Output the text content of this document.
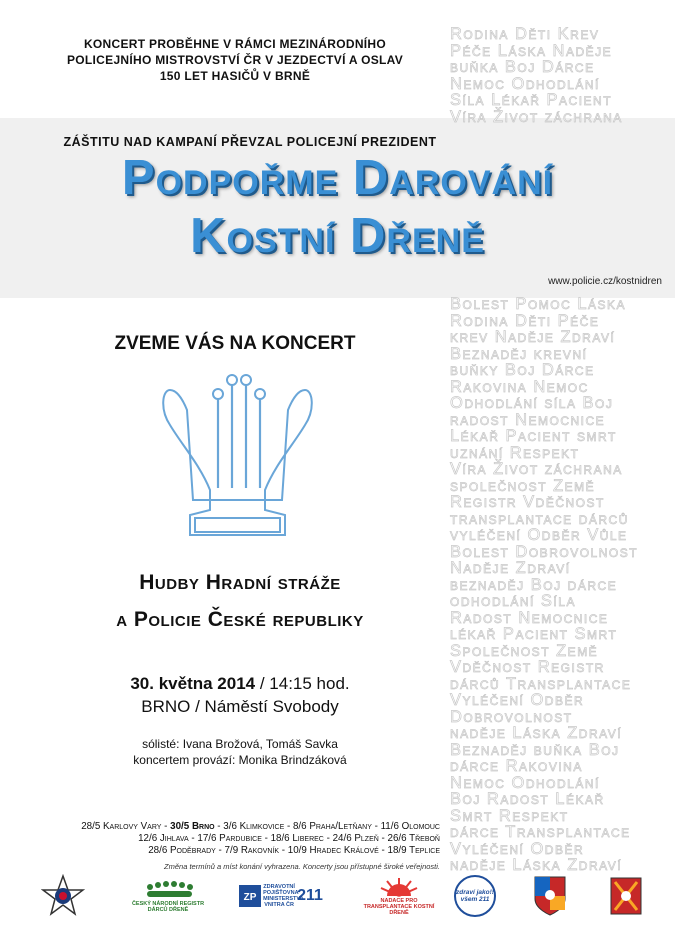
KONCERT PROBĚHNE V RÁMCI MEZINÁRODNÍHO
POLICEJNÍHO MISTROVSTVÍ ČR V JEZDECTVÍ A OSLAV
150 LET HASIČŮ V BRNĚ
Rodina Děti Krev
Péče Láska Naděje
buňka Boj Dárce
Nemoc Odhodlání
Síla Lékař Pacient
Víra Život záchrana
ZÁŠTITU NAD KAMPANÍ PŘEVZAL POLICEJNÍ PREZIDENT
Podpořme Darování
Kostní Dřeně
www.policie.cz/kostnidren
Bolest Pomoc Láska
Rodina Děti Péče
krev Naděje Zdraví
Beznaděj krevní
buňky Boj Dárce
Rakovina Nemoc
Odhodlání síla Boj
radost Nemocnice
Lékař Pacient smrt
uznání Respekt
Víra Život záchrana
společnost Země
Registr Vděčnost
transplantace dárců
vyléčení Odběr Vůle
Bolest Dobrovolnost
Naděje Zdraví
beznaděj Boj dárce
odhodlání Síla
Radost Nemocnice
lékař Pacient Smrt
Společnost Země
Vděčnost Registr
dárců Transplantace
Vyléčení Odběr
Dobrovolnost
naděje Láska Zdraví
Beznaděj buňka Boj
dárce Rakovina
Nemoc Odhodlání
Boj Radost Lékař
Smrt Respekt
dárce Transplantace
Vyléčení Odběr
naděje Láska Zdraví
ZVEME VÁS NA KONCERT
Hudby Hradní stráže
a Policie České republiky
30. května 2014 / 14:15 hod.
BRNO / Náměstí Svobody
sólisté: Ivana Brožová, Tomáš Savka
koncertem provází: Monika Brindzáková
28/5 Karlovy Vary - 30/5 Brno - 3/6 Klimkovice - 8/6 Praha/Letňany - 11/6 Olomouc
12/6 Jihlava - 17/6 Pardubice - 18/6 Liberec - 24/6 Plzeň - 26/6 Třeboň
28/6 Poděbrady - 7/9 Rakovník - 10/9 Hradec Králové - 18/9 Teplice
Změna termínů a míst konání vyhrazena. Koncerty jsou přístupné široké veřejnosti.
ČESKÝ NÁRODNÍ REGISTR DÁRCŮ DŘENĚ
ZP
ZDRAVOTNÍ POJIŠŤOVNA MINISTERSTVA VNITRA ČR
211	NADACE PRO TRANSPLANTACE KOSTNÍ DŘENĚ
zdraví jako!! všem 211
